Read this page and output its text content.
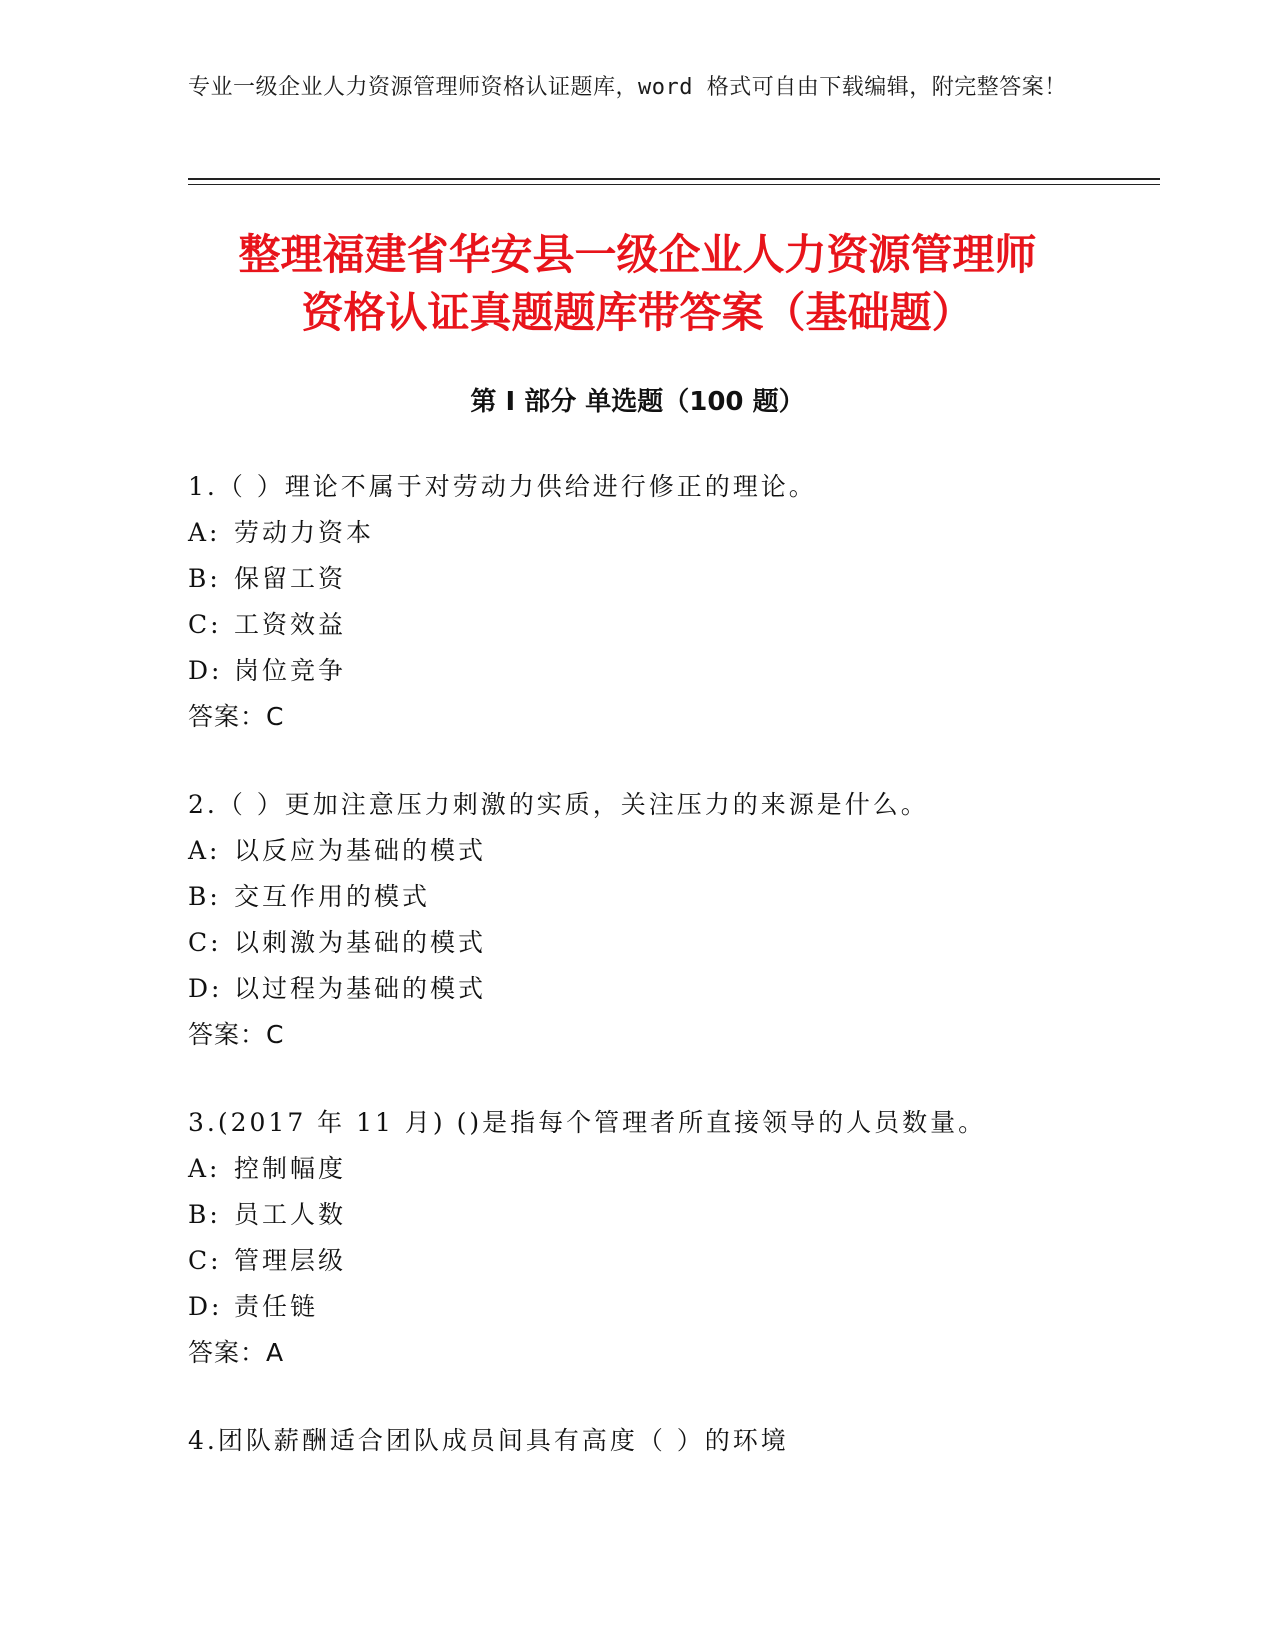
专业一级企业人力资源管理师资格认证题库，word 格式可自由下载编辑，附完整答案！
整理福建省华安县一级企业人力资源管理师
资格认证真题题库带答案（基础题）
第 I 部分 单选题（100 题）
1.（ ）理论不属于对劳动力供给进行修正的理论。
A: 劳动力资本
B: 保留工资
C: 工资效益
D: 岗位竞争
答案：C
2.（ ）更加注意压力刺激的实质，关注压力的来源是什么。
A: 以反应为基础的模式
B: 交互作用的模式
C: 以刺激为基础的模式
D: 以过程为基础的模式
答案：C
3.(2017 年 11 月) ()是指每个管理者所直接领导的人员数量。
A: 控制幅度
B: 员工人数
C: 管理层级
D: 责任链
答案：A
4.团队薪酬适合团队成员间具有高度（ ）的环境
